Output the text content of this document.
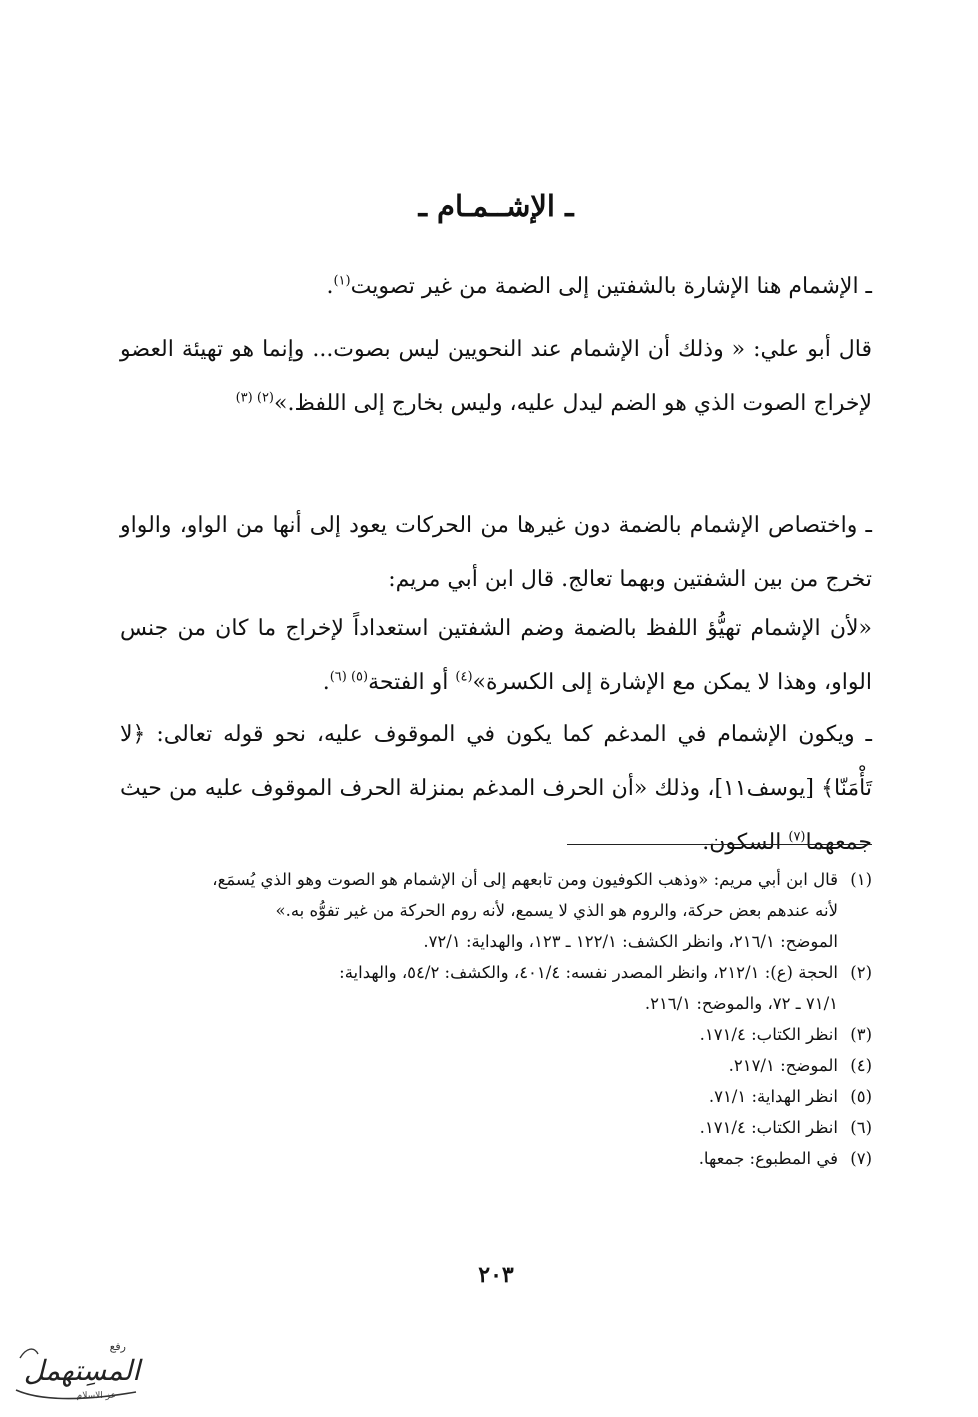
ـ الإشــمـام ـ

ـ الإشمام هنا الإشارة بالشفتين إلى الضمة من غير تصويت$^{(١)}$.

قال أبو علي: « وذلك أن الإشمام عند النحويين ليس بصوت... وإنما هو تهيئة العضو لإخراج الصوت الذي هو الضم ليدل عليه، وليس بخارج إلى اللفظ.»$^{(٢) (٣)}$

ـ واختصاص الإشمام بالضمة دون غيرها من الحركات يعود إلى أنها من الواو، والواو تخرج من بين الشفتين وبهما تعالج. قال ابن أبي مريم:

«لأن الإشمام تهيُّؤ اللفظ بالضمة وضم الشفتين استعداداً لإخراج ما كان من جنس الواو، وهذا لا يمكن مع الإشارة إلى الكسرة»$^{(٤)}$ أو الفتحة$^{(٥) (٦)}$.

ـ ويكون الإشمام في المدغم كما يكون في الموقوف عليه، نحو قوله تعالى: ﴿لا تَأْمَنّا﴾ [يوسف١١]، وذلك «أن الحرف المدغم بمنزلة الحرف الموقوف عليه من حيث جمعهما$^{(٧)}$ السكون.

(١)
قال ابن أبي مريم: «وذهب الكوفيون ومن تابعهم إلى أن الإشمام هو الصوت وهو الذي يُسمَع،
لأنه عندهم بعض حركة، والروم هو الذي لا يسمع، لأنه روم الحركة من غير تفوُّه به.»
الموضح: ٢١٦/١، وانظر الكشف: ١٢٢/١ ـ ١٢٣، والهداية: ٧٢/١.
(٢)
الحجة (ع): ٢١٢/١، وانظر المصدر نفسه: ٤٠١/٤، والكشف: ٥٤/٢، والهداية:
٧١/١ ـ ٧٢، والموضح: ٢١٦/١.
(٣)
انظر الكتاب: ١٧١/٤.
(٤)
الموضح: ٢١٧/١.
(٥)
انظر الهداية: ٧١/١.
(٦)
انظر الكتاب: ١٧١/٤.
(٧)
في المطبوع: جمعها.
٢٠٣
رفع
المسِتهمل
عز الاسلام
